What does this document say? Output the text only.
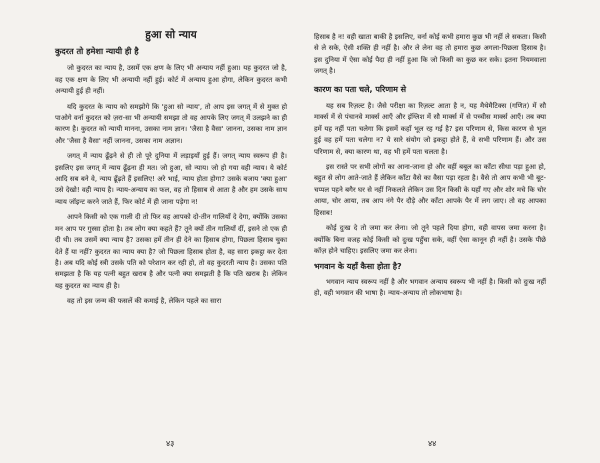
हुआ सो न्याय

कुदरत तो हमेशा न्यायी ही है

जो कुदरत का न्याय है, उसमें एक क्षण के लिए भी अन्याय नहीं हुआ। यह कुदरत जो है, वह एक क्षण के लिए भी अन्यायी नहीं हुई। कोर्ट में अन्याय हुआ होगा, लेकिन कुदरत कभी अन्यायी हुई ही नहीं।

यदि कुदरत के न्याय को समझोगे कि 'हुआ सो न्याय', तो आप इस जगत् में से मुक्त हो पाओगे वर्ना कुदरत को ज़रा-सा भी अन्यायी समझा तो वह आपके लिए जगत् में उलझने का ही कारण है। कुदरत को न्यायी मानना, उसका नाम ज्ञान। 'जैसा है वैसा' जानना, उसका नाम ज्ञान और 'जैसा है वैसा' नहीं जानना, उसका नाम अज्ञान।

जगत् में न्याय ढूँढ़ने से ही तो पूरे दुनिया में लड़ाइयाँ हुई हैं। जगत् न्याय स्वरूप ही है। इसलिए इस जगत् में न्याय ढूँढ़ना ही मत। जो हुआ, सो न्याय। जो हो गया वही न्याय। ये कोर्ट आदि सब बने वे, न्याय ढूँढ़ते हैं इसलिए! अरे भाई, न्याय होता होगा? उसके बजाय 'क्या हुआ' उसे देखो! वही न्याय है। न्याय-अन्याय का फल, वह तो हिसाब से आता है और हम उसके साथ न्याय जॉइन्ट करने जाते हैं, फिर कोर्ट में ही जाना पड़ेगा न!

आपने किसी को एक गाली दी तो फिर वह आपको दो-तीन गालियाँ दे देगा, क्योंकि उसका मन आप पर गुस्सा होता है। तब लोग क्या कहते हैं? तूने क्यों तीन गालियाँ दीं, इसने तो एक ही दी थी। तब उसमें क्या न्याय है? उसका हमें तीन ही देने का हिसाब होगा, पिछला हिसाब चुका देते हैं या नहीं? कुदरत का न्याय क्या है? जो पिछला हिसाब होता है, वह सारा इकट्ठा कर देता है। अब यदि कोई स्त्री उसके पति को परेशान कर रही हो, तो वह कुदरती न्याय है। उसका पति समझता है कि यह पत्नी बहुत खराब है और पत्नी क्या समझती है कि पति खराब है। लेकिन यह कुदरत का न्याय ही है।

वह तो इस जन्म की फसलें की कमाई है, लेकिन पहले का सारा

हिसाब है न! वही खाता बाकी है इसलिए, वर्ना कोई कभी हमारा कुछ भी नहीं ले सकता। किसी से ले सके, ऐसी शक्ति ही नहीं है। और ले लेना वह तो हमारा कुछ अगला-पिछला हिसाब है। इस दुनिया में ऐसा कोई पैदा ही नहीं हुआ कि जो किसी का कुछ कर सके। इतना नियमवाला जगत् है।

कारण का पता चले, परिणाम से

यह सब रिज़ल्ट है। जैसे परीक्षा का रिज़ल्ट आता है न, यह मैथेमैटिक्स (गणित) में सौ मार्क्स में से पंचानवे मार्क्स आएँ और इंग्लिश में सौ मार्क्स में से पच्चीस मार्क्स आएँ। तब क्या हमें यह नहीं पता चलेगा कि इसमें कहाँ भूल रह गई है? इस परिणाम से, किस कारण से भूल हुई वह हमें पता चलेगा न? ये सारे संयोग जो इकट्ठा होते हैं, वे सभी परिणाम हैं। और उस परिणाम से, क्या कारण था, वह भी हमें पता चलता है।

इस रास्ते पर सभी लोगों का आना-जाना हो और वहीं बबूल का काँटा सीधा पड़ा हुआ हो, बहुत से लोग आते-जाते हैं लेकिन काँटा वैसे का वैसा पड़ा रहता है। वैसे तो आप कभी भी बूट-चप्पल पहने बगैर घर से नहीं निकलते लेकिन उस दिन किसी के यहाँ गए और शोर मचे कि चोर आया, चोर आया, तब आप नंगे पैर दौड़े और काँटा आपके पैर में लग जाए। तो वह आपका हिसाब!

कोई दुःख दे तो जमा कर लेना। जो तूने पहले दिया होगा, वही वापस जमा करना है। क्योंकि बिना वजह कोई किसी को दुःख पहुँचा सके, वहीं ऐसा कानून ही नहीं है। उसके पीछे कॉज़ होने चाहिए। इसलिए जमा कर लेना।

भगवान के यहाँ कैसा होता है?

भगवान न्याय स्वरूप नहीं है और भगवान अन्याय स्वरूप भी नहीं है। किसी को दुःख नहीं हो, वही भगवान की भाषा है। न्याय-अन्याय तो लोकभाषा है।

४३	४४
